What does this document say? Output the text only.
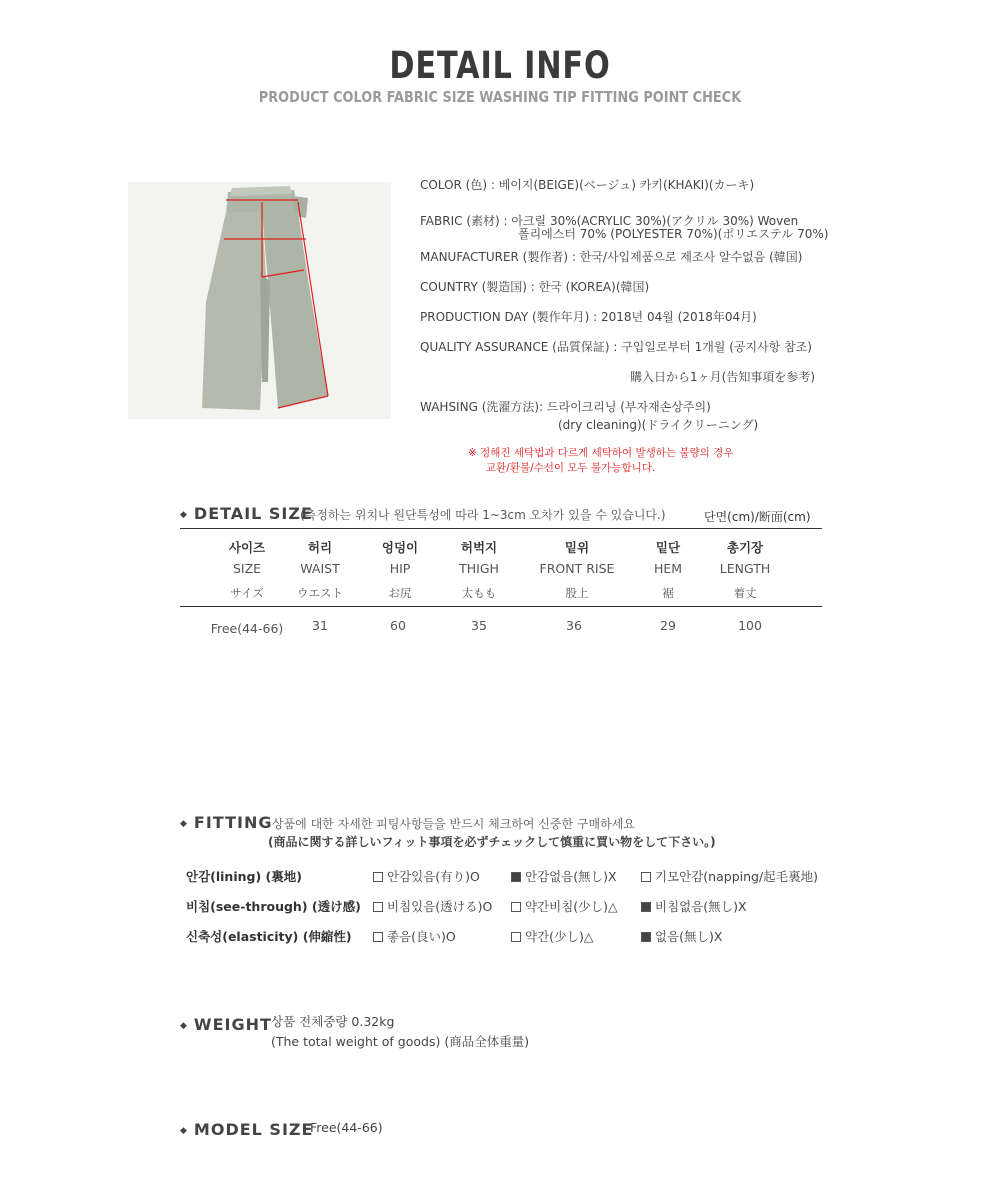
DETAIL INFO
PRODUCT COLOR FABRIC SIZE WASHING TIP FITTING POINT CHECK
COLOR (色) : 베이지(BEIGE)(ベージュ) 카키(KHAKI)(カーキ)
FABRIC (素材) : 아크릴 30%(ACRYLIC 30%)(アクリル 30%) Woven
폴리에스터 70% (POLYESTER 70%)(ポリエステル 70%)
MANUFACTURER (製作者) : 한국/사입제품으로 제조사 알수없음 (韓国)
COUNTRY (製造国) : 한국 (KOREA)(韓国)
PRODUCTION DAY (製作年月) : 2018년 04월 (2018年04月)
QUALITY ASSURANCE (品質保証) : 구입일로부터 1개월 (공지사항 참조)
購入日から1ヶ月(告知事項を参考)
WAHSING (洗濯方法): 드라이크리닝 (부자재손상주의)
(dry cleaning)(ドライクリーニング)
※ 정해진 세탁법과 다르게 세탁하여 발생하는 불량의 경우
교환/환불/수선이 모두 불가능합니다.
◆ DETAIL SIZE
(측정하는 위치나 원단특성에 따라 1~3cm 오차가 있을 수 있습니다.)	단면(cm)/断面(cm)
사이즈	허리	엉덩이	허벅지	밑위	밑단	총기장
SIZE	WAIST	HIP	THIGH	FRONT RISE	HEM	LENGTH
サイズ	ウエスト	お尻	太もも	股上	裾	着丈
Free(44-66)	31	60	35	36	29	100
◆ FITTING 상품에 대한 자세한 피팅사항들을 반드시 체크하여 신중한 구매하세요
(商品に関する詳しいフィット事項を必ずチェックして慎重に買い物をして下さい。)
안감(lining) (裏地)	안감있음(有り)O	안감없음(無し)X	기모안감(napping/起毛裏地)
비침(see-through) (透け感)	비침있음(透ける)O	약간비침(少し)△	비침없음(無し)X
신축성(elasticity) (伸縮性)	좋음(良い)O	약간(少し)△	없음(無し)X
◆ WEIGHT 상품 전체중량 0.32kg
(The total weight of goods) (商品全体重量)
◆ MODEL SIZE
Free(44-66)
